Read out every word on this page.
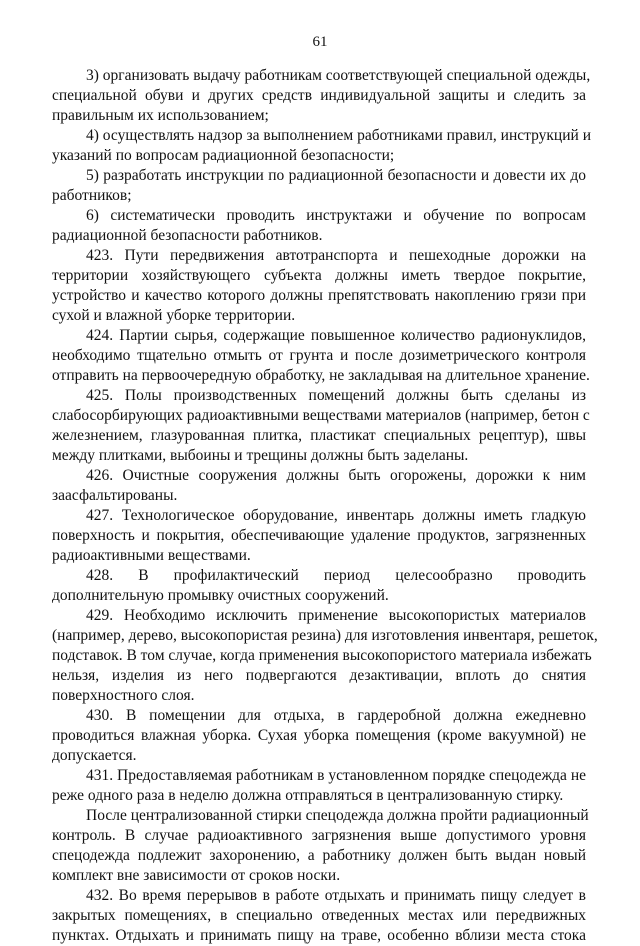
61
3) организовать выдачу работникам соответствующей специальной одежды,
специальной обуви и других средств индивидуальной защиты и следить за
правильным их использованием;
4) осуществлять надзор за выполнением работниками правил, инструкций и
указаний по вопросам радиационной безопасности;
5) разработать инструкции по радиационной безопасности и довести их до
работников;
6) систематически проводить инструктажи и обучение по вопросам
радиационной безопасности работников.
423. Пути передвижения автотранспорта и пешеходные дорожки на
территории хозяйствующего субъекта должны иметь твердое покрытие,
устройство и качество которого должны препятствовать накоплению грязи при
сухой и влажной уборке территории.
424. Партии сырья, содержащие повышенное количество радионуклидов,
необходимо тщательно отмыть от грунта и после дозиметрического контроля
отправить на первоочередную обработку, не закладывая на длительное хранение.
425. Полы производственных помещений должны быть сделаны из
слабосорбирующих радиоактивными веществами материалов (например, бетон с
железнением, глазурованная плитка, пластикат специальных рецептур), швы
между плитками, выбоины и трещины должны быть заделаны.
426. Очистные сооружения должны быть огорожены, дорожки к ним
заасфальтированы.
427. Технологическое оборудование, инвентарь должны иметь гладкую
поверхность и покрытия, обеспечивающие удаление продуктов, загрязненных
радиоактивными веществами.
428. В профилактический период целесообразно проводить
дополнительную промывку очистных сооружений.
429. Необходимо исключить применение высокопористых материалов
(например, дерево, высокопористая резина) для изготовления инвентаря, решеток,
подставок. В том случае, когда применения высокопористого материала избежать
нельзя, изделия из него подвергаются дезактивации, вплоть до снятия
поверхностного слоя.
430. В помещении для отдыха, в гардеробной должна ежедневно
проводиться влажная уборка. Сухая уборка помещения (кроме вакуумной) не
допускается.
431. Предоставляемая работникам в установленном порядке спецодежда не
реже одного раза в неделю должна отправляться в централизованную стирку.
После централизованной стирки спецодежда должна пройти радиационный
контроль. В случае радиоактивного загрязнения выше допустимого уровня
спецодежда подлежит захоронению, а работнику должен быть выдан новый
комплект вне зависимости от сроков носки.
432. Во время перерывов в работе отдыхать и принимать пищу следует в
закрытых помещениях, в специально отведенных местах или передвижных
пунктах. Отдыхать и принимать пищу на траве, особенно вблизи места стока
